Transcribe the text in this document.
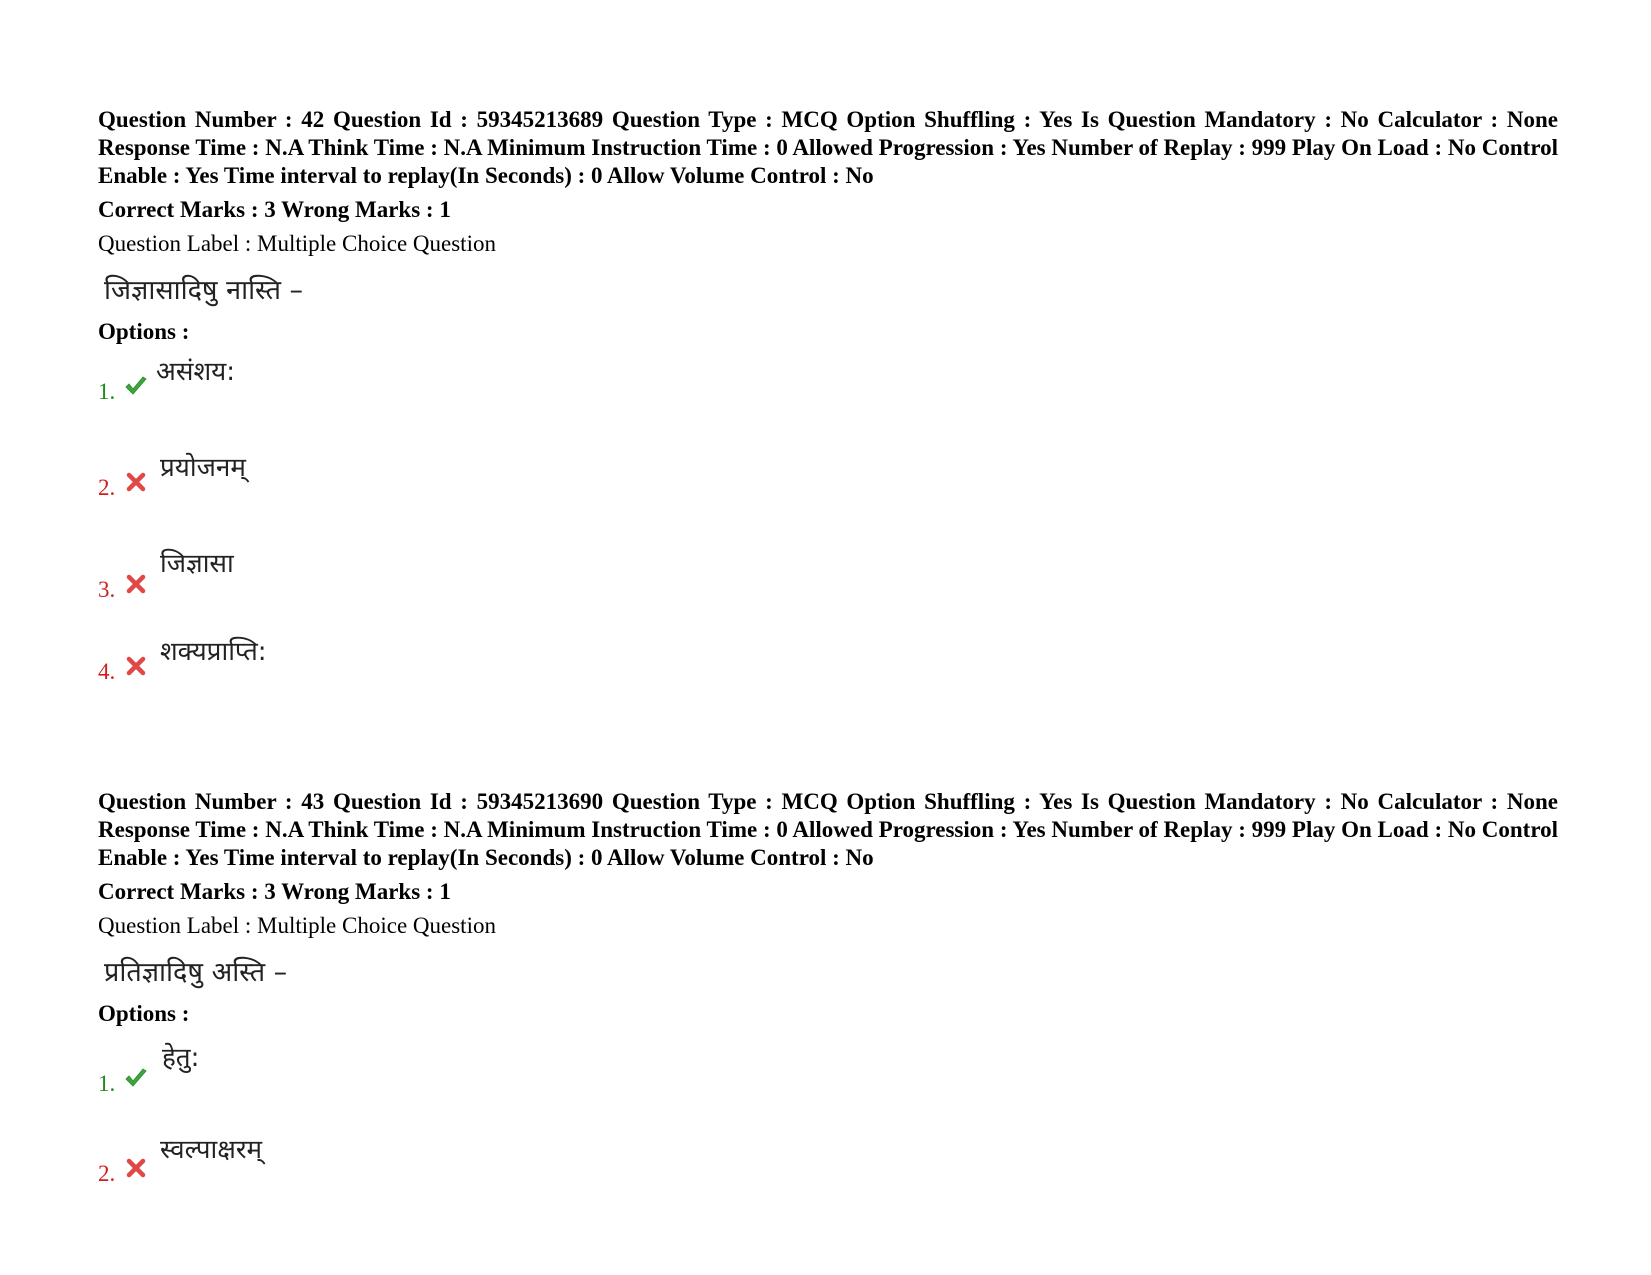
Question Number : 42 Question Id : 59345213689 Question Type : MCQ Option Shuffling : Yes Is Question Mandatory : No Calculator : None Response Time : N.A Think Time : N.A Minimum Instruction Time : 0 Allowed Progression : Yes Number of Replay : 999 Play On Load : No Control Enable : Yes Time interval to replay(In Seconds) : 0 Allow Volume Control : No

Correct Marks : 3 Wrong Marks : 1
Question Label : Multiple Choice Question
जिज्ञासादिषु नास्ति –
Options :
1.
असंशय:
2.
प्रयोजनम्
3.
जिज्ञासा
4.
शक्यप्राप्ति:

Question Number : 43 Question Id : 59345213690 Question Type : MCQ Option Shuffling : Yes Is Question Mandatory : No Calculator : None Response Time : N.A Think Time : N.A Minimum Instruction Time : 0 Allowed Progression : Yes Number of Replay : 999 Play On Load : No Control Enable : Yes Time interval to replay(In Seconds) : 0 Allow Volume Control : No

Correct Marks : 3 Wrong Marks : 1
Question Label : Multiple Choice Question
प्रतिज्ञादिषु अस्ति –
Options :
1.
हेतु:
2.
स्वल्पाक्षरम्
